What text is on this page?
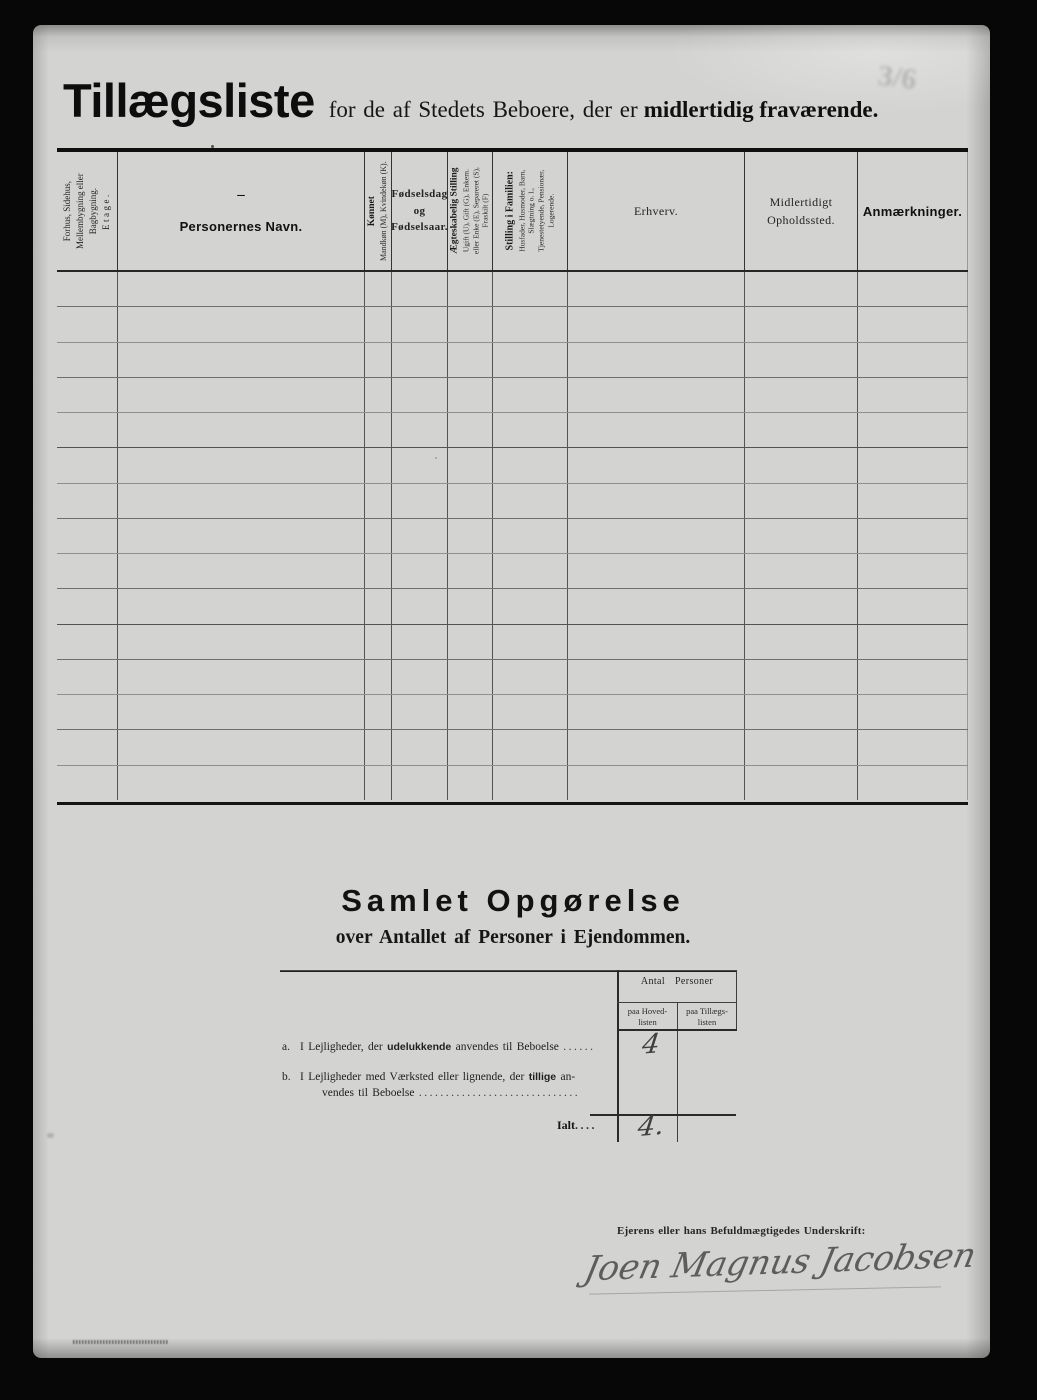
Tillægsliste for de af Stedets Beboere, der er midlertidig fraværende.
3/6
Forhus, Sidehus, Mellembygning eller Bagbygning. Etage.	–
Personernes Navn.
Kønnet Mandkøn (M), Kvindekøn (K). Fødselsdag
og
Fødselsaar. Ægteskabelig Stilling Ugift (U), Gift (G), Enkem. eller Enke (E), Separeret (S), Fraskilt (F) Stilling i Familien: Husfader, Husmoder, Barn, Slægtning o. l., Tjenestetyende, Pensionær, Logerende.	Erhverv.
Midlertidigt
Opholdssted.
Anmærkninger.
Samlet Opgørelse
over Antallet af Personer i Ejendommen.
Antal Personer
paa Hoved-
listen
paa Tillægs-
listen
a. I Lejligheder, der udelukkende anvendes til Beboelse ......
b. I Lejligheder med Værksted eller lignende, der tillige an-
vendes til Beboelse ..............................
Ialt....
4
4.
Ejerens eller hans Befuldmægtigedes Underskrift:
Joen Magnus Jacobsen
